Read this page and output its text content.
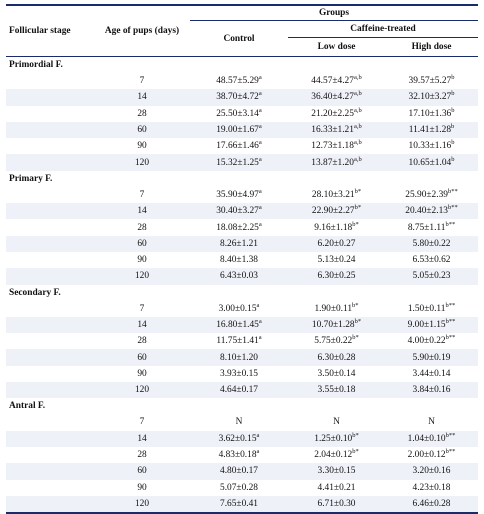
Follicular stage	Age of pups (days)	Groups		
		Control	Caffeine-treated	
			Low dose	High dose

Primordial F.				
	7	48.57±5.29$^a$	$44.57\pm 4.27^{a,b}$	39.57±5.27$^b$
	14	38.70±4.72$^a$	$36.40\pm 4.27^{a,b}$	32.10±3.27$^b$
	28	25.50±3.14$^a$	$21.20\pm 2.25^{a,b}$	17.10±1.36$^b$
	60	19.00±1.67$^a$	$16.33\pm 1.21^{a,b}$	11.41±1.28$^b$
	90	17.66±1.46$^a$	$12.73\pm 1.18^{a,b}$	10.33±1.16$^b$
	120	15.32±1.25$^a$	$13.87\pm 1.20^{a,b}$	10.65±1.04$^b$
Primary F.				
	7	35.90±4.97$^a$	$28.10\pm 3.21^{b*}$	$25.90\pm 2.39^{b**}$
	14	30.40±3.27$^a$	$22.90\pm 2.27^{b*}$	$20.40\pm 2.13^{b**}$
	28	18.08±2.25$^a$	$9.16\pm 1.18^{b*}$	$8.75\pm 1.11^{b**}$
	60	8.26±1.21	6.20±0.27	5.80±0.22
	90	8.40±1.38	5.13±0.24	6.53±0.62
	120	6.43±0.03	6.30±0.25	5.05±0.23
Secondary F.				
	7	3.00±0.15$^a$	$1.90\pm 0.11^{b*}$	$1.50\pm 0.11^{b**}$
	14	16.80±1.45$^a$	$10.70\pm 1.28^{b*}$	$9.00\pm 1.15^{b**}$
	28	11.75±1.41$^a$	$5.75\pm 0.22^{b*}$	$4.00\pm 0.22^{b**}$
	60	8.10±1.20	6.30±0.28	5.90±0.19
	90	3.93±0.15	3.50±0.14	3.44±0.14
	120	4.64±0.17	3.55±0.18	3.84±0.16
Antral F.				
	7	N	N	N
	14	3.62±0.15$^a$	$1.25\pm 0.10^{b*}$	$1.04\pm 0.10^{b**}$
	28	4.83±0.18$^a$	$2.04\pm 0.12^{b*}$	$2.00\pm 0.12^{b**}$
	60	4.80±0.17	3.30±0.15	3.20±0.16
	90	5.07±0.28	4.41±0.21	4.23±0.18
	120	7.65±0.41	6.71±0.30	6.46±0.28
